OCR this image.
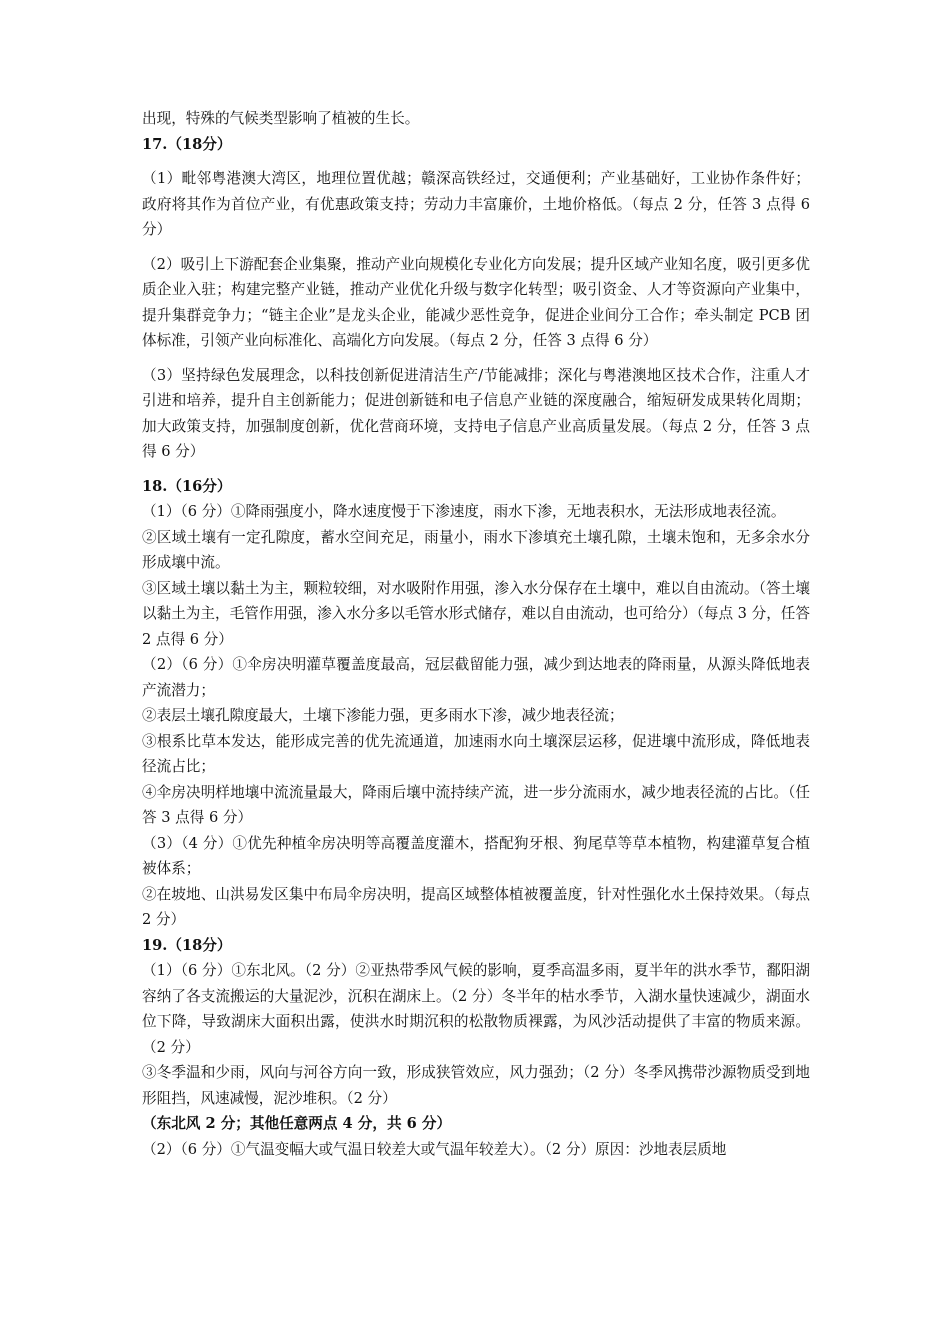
出现，特殊的气候类型影响了植被的生长。

17.（18分）

（1）毗邻粤港澳大湾区，地理位置优越；赣深高铁经过，交通便利；产业基础好，工业协作条件好； 政府将其作为首位产业，有优惠政策支持；劳动力丰富廉价，土地价格低。（每点 2 分，任答 3 点得 6 分）

（2）吸引上下游配套企业集聚，推动产业向规模化专业化方向发展；提升区域产业知名度，吸引更多优质企业入驻；构建完整产业链，推动产业优化升级与数字化转型；吸引资金、人才等资源向产业集中，提升集群竞争力；“链主企业”是龙头企业，能减少恶性竞争，促进企业间分工合作；牵头制定 PCB 团体标准，引领产业向标准化、高端化方向发展。（每点 2 分，任答 3 点得 6 分）

（3）坚持绿色发展理念，以科技创新促进清洁生产/节能减排；深化与粤港澳地区技术合作，注重人才引进和培养，提升自主创新能力；促进创新链和电子信息产业链的深度融合，缩短研发成果转化周期；加大政策支持，加强制度创新，优化营商环境，支持电子信息产业高质量发展。（每点 2 分，任答 3 点得 6 分）

18.（16分）

（1）（6 分）①降雨强度小，降水速度慢于下渗速度，雨水下渗，无地表积水，无法形成地表径流。

②区域土壤有一定孔隙度，蓄水空间充足，雨量小，雨水下渗填充土壤孔隙，土壤未饱和，无多余水分形成壤中流。

③区域土壤以黏土为主，颗粒较细，对水吸附作用强，渗入水分保存在土壤中，难以自由流动。（答土壤以黏土为主，毛管作用强，渗入水分多以毛管水形式储存，难以自由流动，也可给分）（每点 3 分，任答 2 点得 6 分）

（2）（6 分）①伞房决明灌草覆盖度最高，冠层截留能力强，减少到达地表的降雨量，从源头降低地表产流潜力；

②表层土壤孔隙度最大，土壤下渗能力强，更多雨水下渗，减少地表径流；

③根系比草本发达，能形成完善的优先流通道，加速雨水向土壤深层运移，促进壤中流形成，降低地表径流占比；

④伞房决明样地壤中流流量最大，降雨后壤中流持续产流，进一步分流雨水，减少地表径流的占比。（任答 3 点得 6 分）

（3）（4 分）①优先种植伞房决明等高覆盖度灌木，搭配狗牙根、狗尾草等草本植物，构建灌草复合植被体系；

②在坡地、山洪易发区集中布局伞房决明，提高区域整体植被覆盖度，针对性强化水土保持效果。（每点 2 分）

19.（18分）

（1）（6 分）①东北风。（2 分）②亚热带季风气候的影响，夏季高温多雨，夏半年的洪水季节，鄱阳湖容纳了各支流搬运的大量泥沙，沉积在湖床上。（2 分）冬半年的枯水季节，入湖水量快速减少，湖面水位下降，导致湖床大面积出露，使洪水时期沉积的松散物质裸露，为风沙活动提供了丰富的物质来源。（2 分）

③冬季温和少雨，风向与河谷方向一致，形成狭管效应，风力强劲；（2 分）冬季风携带沙源物质受到地形阻挡，风速减慢，泥沙堆积。（2 分）

（东北风 2 分；其他任意两点 4 分，共 6 分）

（2）（6 分）①气温变幅大或气温日较差大或气温年较差大）。（2 分）原因：沙地表层质地
